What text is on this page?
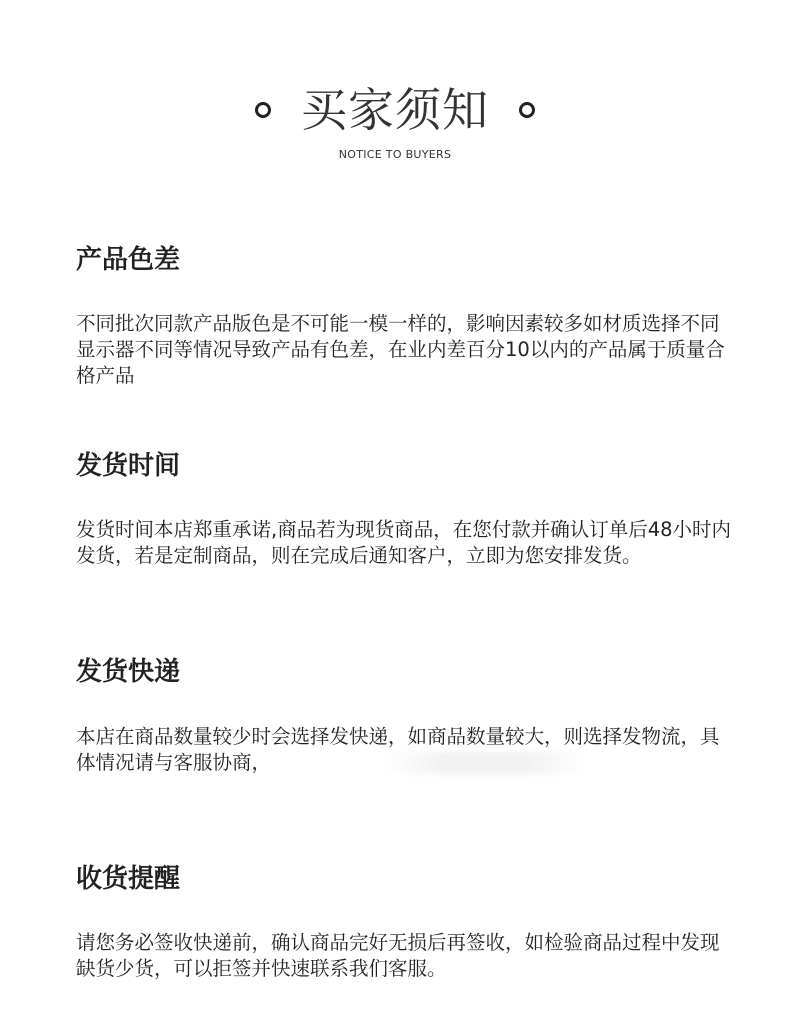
买家须知
NOTICE TO BUYERS
产品色差

不同批次同款产品版色是不可能一模一样的，影响因素较多如材质选择不同显示器不同等情况导致产品有色差，在业内差百分10以内的产品属于质量合格产品

发货时间

发货时间本店郑重承诺,商品若为现货商品，在您付款并确认订单后48小时内发货，若是定制商品，则在完成后通知客户，立即为您安排发货。

发货快递

本店在商品数量较少时会选择发快递，如商品数量较大，则选择发物流，具体情况请与客服协商，

收货提醒

请您务必签收快递前，确认商品完好无损后再签收，如检验商品过程中发现缺货少货，可以拒签并快速联系我们客服。
